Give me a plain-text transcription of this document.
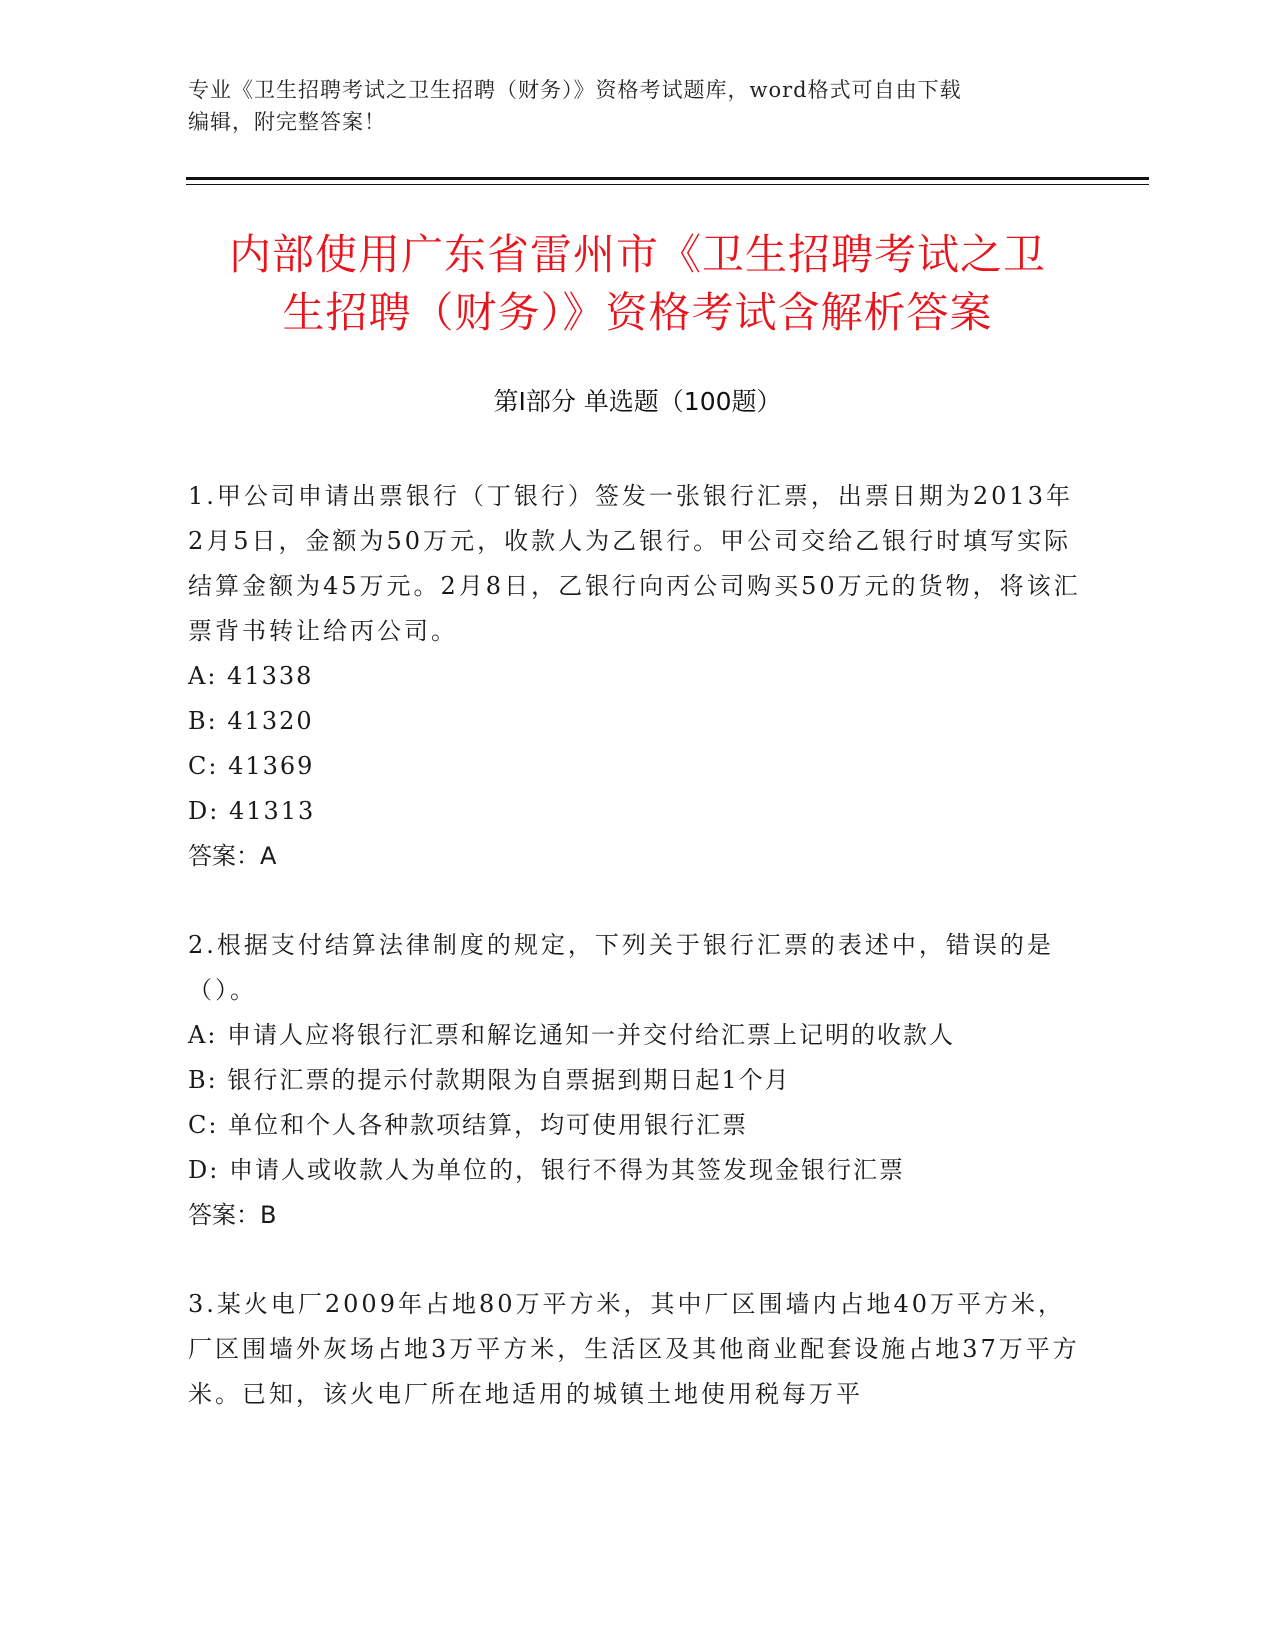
专业《卫生招聘考试之卫生招聘（财务）》资格考试题库，word格式可自由下载
编辑，附完整答案！
内部使用广东省雷州市《卫生招聘考试之卫
生招聘（财务）》资格考试含解析答案
第Ⅰ部分 单选题（100题）

1.甲公司申请出票银行（丁银行）签发一张银行汇票，出票日期为2013年2月5日，金额为50万元，收款人为乙银行。甲公司交给乙银行时填写实际结算金额为45万元。2月8日，乙银行向丙公司购买50万元的货物，将该汇票背书转让给丙公司。

A: 41338

B: 41320

C: 41369

D: 41313

答案：A

2.根据支付结算法律制度的规定，下列关于银行汇票的表述中，错误的是（）。

A: 申请人应将银行汇票和解讫通知一并交付给汇票上记明的收款人

B: 银行汇票的提示付款期限为自票据到期日起1个月

C: 单位和个人各种款项结算，均可使用银行汇票

D: 申请人或收款人为单位的，银行不得为其签发现金银行汇票

答案：B

3.某火电厂2009年占地80万平方米，其中厂区围墙内占地40万平方米，厂区围墙外灰场占地3万平方米，生活区及其他商业配套设施占地37万平方米。已知，该火电厂所在地适用的城镇土地使用税每万平
